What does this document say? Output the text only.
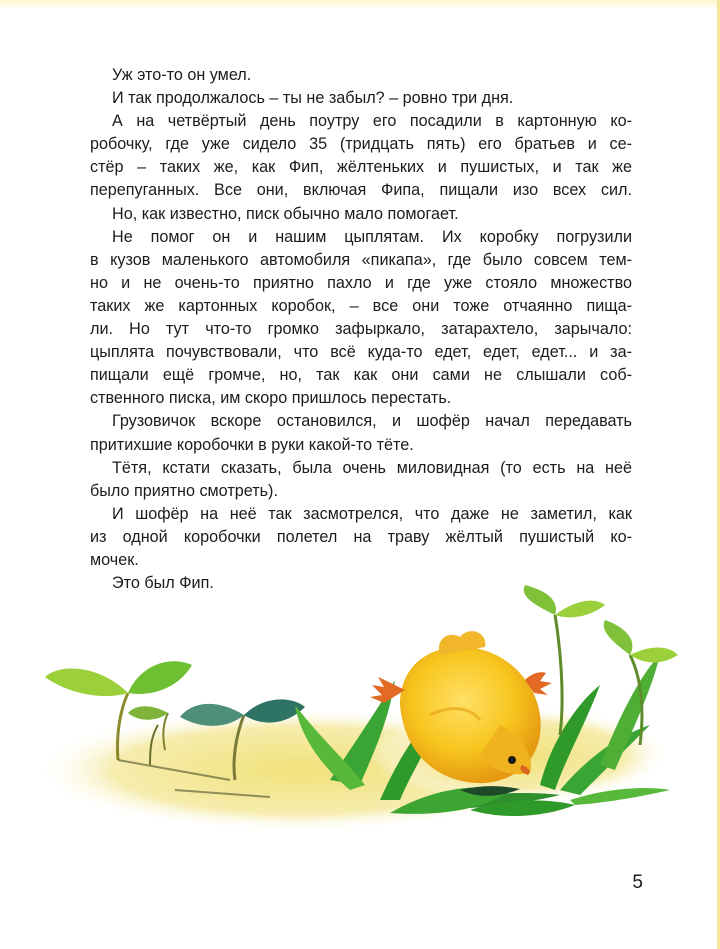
Уж это-то он умел.

И так продолжалось – ты не забыл? – ровно три дня.

А на четвёртый день поутру его посадили в картонную ко-
робочку, где уже сидело 35 (тридцать пять) его братьев и се-
стёр – таких же, как Фип, жёлтеньких и пушистых, и так же
перепуганных. Все они, включая Фипа, пищали изо всех сил.

Но, как известно, писк обычно мало помогает.

Не помог он и нашим цыплятам. Их коробку погрузили
в кузов маленького автомобиля «пикапа», где было совсем тем-
но и не очень-то приятно пахло и где уже стояло множество
таких же картонных коробок, – все они тоже отчаянно пища-
ли. Но тут что-то громко зафыркало, затарахтело, зарычало:
цыплята почувствовали, что всё куда-то едет, едет, едет... и за-
пищали ещё громче, но, так как они сами не слышали соб-
ственного писка, им скоро пришлось перестать.

Грузовичок вскоре остановился, и шофёр начал передавать
притихшие коробочки в руки какой-то тёте.

Тётя, кстати сказать, была очень миловидная (то есть на неё
было приятно смотреть).

И шофёр на неё так засмотрелся, что даже не заметил, как
из одной коробочки полетел на траву жёлтый пушистый ко-
мочек.

Это был Фип.

5
